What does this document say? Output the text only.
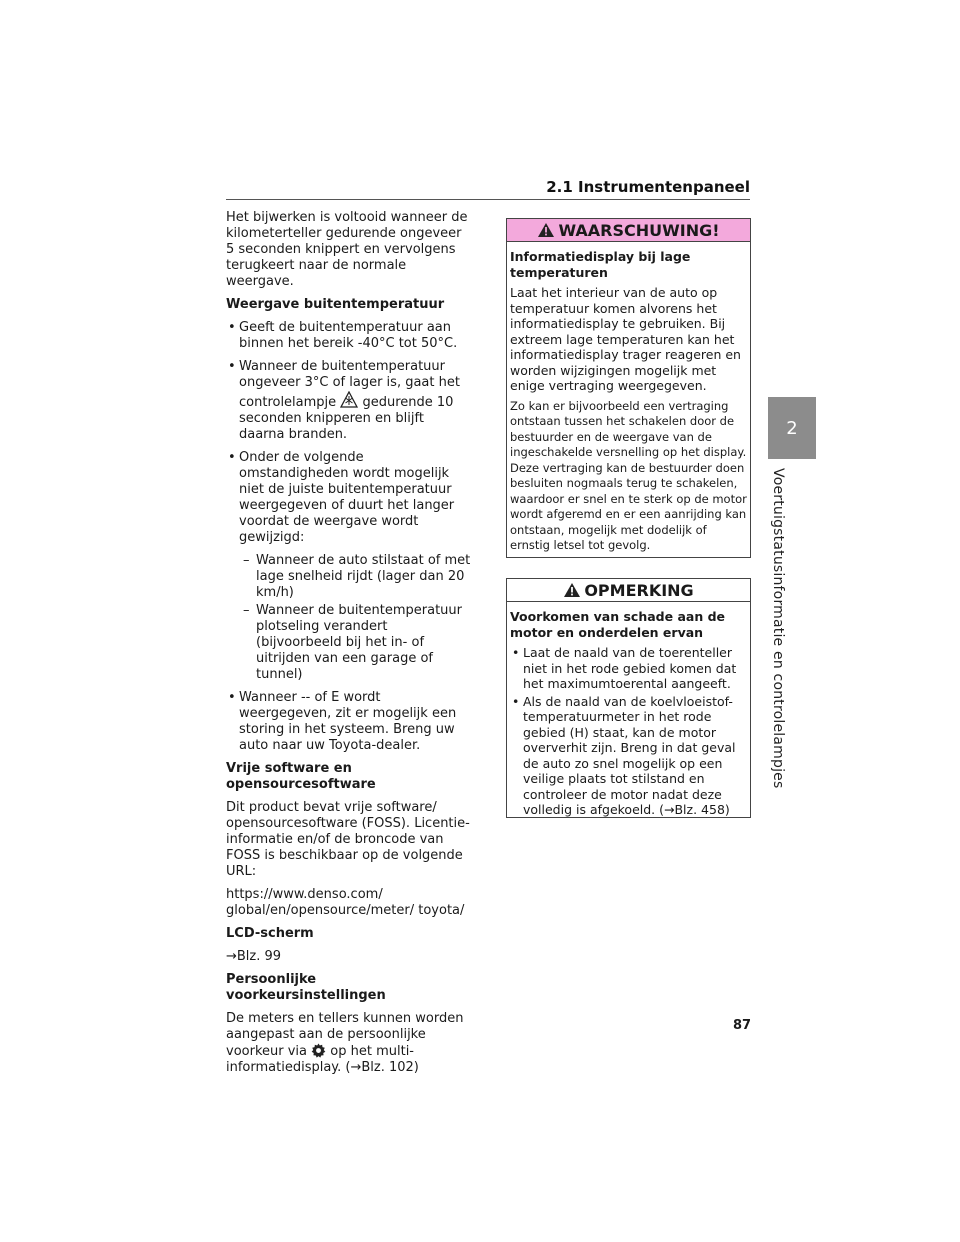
2.1 Instrumentenpaneel
2
Voertuigstatusinformatie en controlelampjes

Het bijwerken is voltooid wanneer de kilometerteller gedurende ongeveer 5 seconden knippert en vervolgens terugkeert naar de normale weergave.

Weergave buitentemperatuur

• Geeft de buitentemperatuur aan binnen het bereik -40°C tot 50°C.
• Wanneer de buitentemperatuur ongeveer 3°C of lager is, gaat het controlelampje gedurende 10 seconden knipperen en blijft daarna branden.
• Onder de volgende omstandigheden wordt mogelijk niet de juiste buitentemperatuur weergegeven of duurt het langer voordat de weergave wordt gewijzigd:
– Wanneer de auto stilstaat of met lage snelheid rijdt (lager dan 20 km/h)
– Wanneer de buitentemperatuur plotseling verandert (bijvoorbeeld bij het in- of uitrijden van een garage of tunnel)
• Wanneer -- of E wordt weergegeven, zit er mogelijk een storing in het systeem. Breng uw auto naar uw Toyota-dealer.

Vrije software en opensourcesoftware

Dit product bevat vrije software/ opensourcesoftware (FOSS). Licentie-informatie en/of de broncode van FOSS is beschikbaar op de volgende URL:

https://www.denso.com/ global/en/opensource/meter/ toyota/

LCD-scherm

→Blz. 99

Persoonlijke voorkeursinstellingen

De meters en tellers kunnen worden aangepast aan de persoonlijke voorkeur via op het multi-informatiedisplay. (→Blz. 102)

WAARSCHUWING!

Informatiedisplay bij lage temperaturen

Laat het interieur van de auto op temperatuur komen alvorens het informatiedisplay te gebruiken. Bij extreem lage temperaturen kan het informatiedisplay trager reageren en worden wijzigingen mogelijk met enige vertraging weergegeven.

Zo kan er bijvoorbeeld een vertraging ontstaan tussen het schakelen door de bestuurder en de weergave van de ingeschakelde versnelling op het display. Deze vertraging kan de bestuurder doen besluiten nogmaals terug te schakelen, waardoor er snel en te sterk op de motor wordt afgeremd en er een aanrijding kan ontstaan, mogelijk met dodelijk of ernstig letsel tot gevolg.

OPMERKING

Voorkomen van schade aan de motor en onderdelen ervan

• Laat de naald van de toerenteller niet in het rode gebied komen dat het maximumtoerental aangeeft.
• Als de naald van de koelvloeistof-temperatuurmeter in het rode gebied (H) staat, kan de motor oververhit zijn. Breng in dat geval de auto zo snel mogelijk op een veilige plaats tot stilstand en controleer de motor nadat deze volledig is afgekoeld. (→Blz. 458)
87
